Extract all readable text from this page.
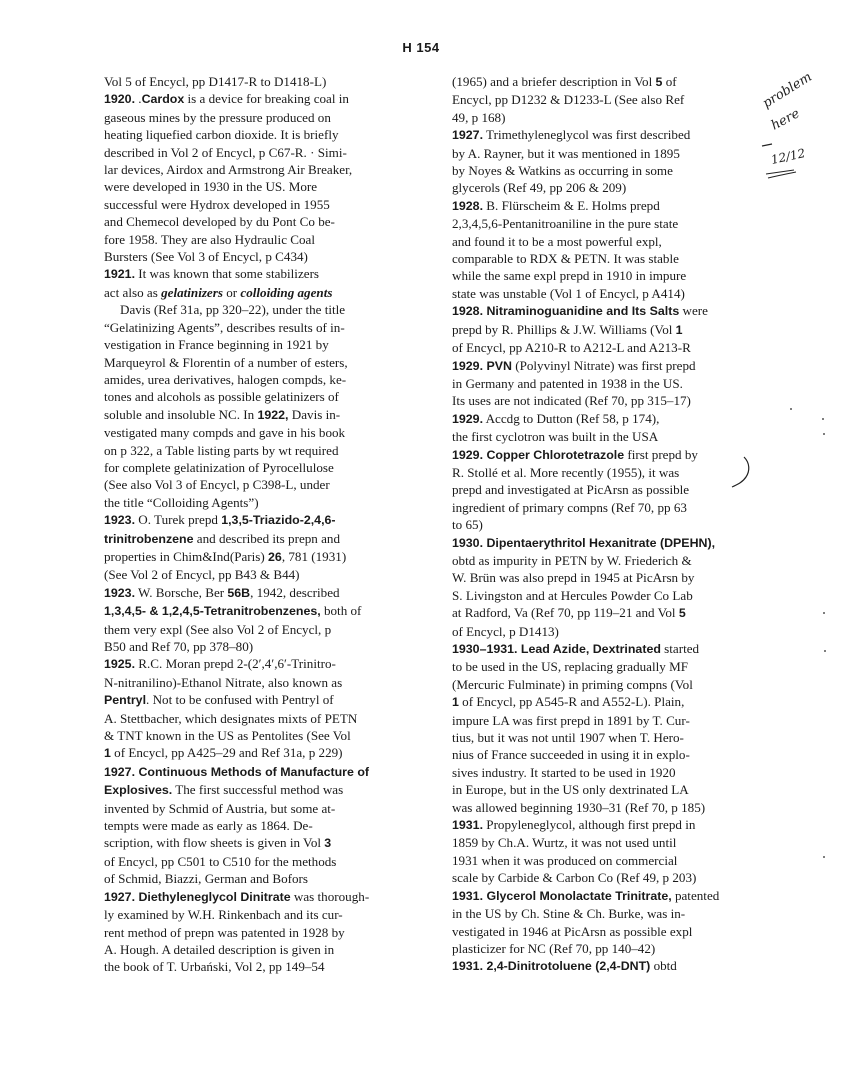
H 154
Vol 5 of Encycl, pp D1417-R to D1418-L)
1920. .Cardox is a device for breaking coal in
gaseous mines by the pressure produced on
heating liquefied carbon dioxide. It is briefly
described in Vol 2 of Encycl, p C67-R. · Simi-
lar devices, Airdox and Armstrong Air Breaker,
were developed in 1930 in the US. More
successful were Hydrox developed in 1955
and Chemecol developed by du Pont Co be-
fore 1958. They are also Hydraulic Coal
Bursters (See Vol 3 of Encycl, p C434)
1921. It was known that some stabilizers
act also as gelatinizers or colloiding agents
Davis (Ref 31a, pp 320–22), under the title
“Gelatinizing Agents”, describes results of in-
vestigation in France beginning in 1921 by
Marqueyrol & Florentin of a number of esters,
amides, urea derivatives, halogen compds, ke-
tones and alcohols as possible gelatinizers of
soluble and insoluble NC. In 1922, Davis in-
vestigated many compds and gave in his book
on p 322, a Table listing parts by wt required
for complete gelatinization of Pyrocellulose
(See also Vol 3 of Encycl, p C398-L, under
the title “Colloiding Agents”)
1923. O. Turek prepd 1,3,5-Triazido-2,4,6-
trinitrobenzene and described its prepn and
properties in Chim&Ind(Paris) 26, 781 (1931)
(See Vol 2 of Encycl, pp B43 & B44)
1923. W. Borsche, Ber 56B, 1942, described
1,3,4,5- & 1,2,4,5-Tetranitrobenzenes, both of
them very expl (See also Vol 2 of Encycl, p
B50 and Ref 70, pp 378–80)
1925. R.C. Moran prepd 2-(2′,4′,6′-Trinitro-
N-nitranilino)-Ethanol Nitrate, also known as
Pentryl. Not to be confused with Pentryl of
A. Stettbacher, which designates mixts of PETN
& TNT known in the US as Pentolites (See Vol
1 of Encycl, pp A425–29 and Ref 31a, p 229)
1927. Continuous Methods of Manufacture of
Explosives. The first successful method was
invented by Schmid of Austria, but some at-
tempts were made as early as 1864. De-
scription, with flow sheets is given in Vol 3
of Encycl, pp C501 to C510 for the methods
of Schmid, Biazzi, German and Bofors
1927. Diethyleneglycol Dinitrate was thorough-
ly examined by W.H. Rinkenbach and its cur-
rent method of prepn was patented in 1928 by
A. Hough. A detailed description is given in
the book of T. Urbański, Vol 2, pp 149–54
(1965) and a briefer description in Vol 5 of
Encycl, pp D1232 & D1233-L (See also Ref
49, p 168)
1927. Trimethyleneglycol was first described
by A. Rayner, but it was mentioned in 1895
by Noyes & Watkins as occurring in some
glycerols (Ref 49, pp 206 & 209)
1928. B. Flürscheim & E. Holms prepd
2,3,4,5,6-Pentanitroaniline in the pure state
and found it to be a most powerful expl,
comparable to RDX & PETN. It was stable
while the same expl prepd in 1910 in impure
state was unstable (Vol 1 of Encycl, p A414)
1928. Nitraminoguanidine and Its Salts were
prepd by R. Phillips & J.W. Williams (Vol 1
of Encycl, pp A210-R to A212-L and A213-R
1929. PVN (Polyvinyl Nitrate) was first prepd
in Germany and patented in 1938 in the US.
Its uses are not indicated (Ref 70, pp 315–17)
1929. Accdg to Dutton (Ref 58, p 174),
the first cyclotron was built in the USA
1929. Copper Chlorotetrazole first prepd by
R. Stollé et al. More recently (1955), it was
prepd and investigated at PicArsn as possible
ingredient of primary compns (Ref 70, pp 63
to 65)
1930. Dipentaerythritol Hexanitrate (DPEHN),
obtd as impurity in PETN by W. Friederich &
W. Brün was also prepd in 1945 at PicArsn by
S. Livingston and at Hercules Powder Co Lab
at Radford, Va (Ref 70, pp 119–21 and Vol 5
of Encycl, p D1413)
1930–1931. Lead Azide, Dextrinated started
to be used in the US, replacing gradually MF
(Mercuric Fulminate) in priming compns (Vol
1 of Encycl, pp A545-R and A552-L). Plain,
impure LA was first prepd in 1891 by T. Cur-
tius, but it was not until 1907 when T. Hero-
nius of France succeeded in using it in explo-
sives industry. It started to be used in 1920
in Europe, but in the US only dextrinated LA
was allowed beginning 1930–31 (Ref 70, p 185)
1931. Propyleneglycol, although first prepd in
1859 by Ch.A. Wurtz, it was not used until
1931 when it was produced on commercial
scale by Carbide & Carbon Co (Ref 49, p 203)
1931. Glycerol Monolactate Trinitrate, patented
in the US by Ch. Stine & Ch. Burke, was in-
vestigated in 1946 at PicArsn as possible expl
plasticizer for NC (Ref 70, pp 140–42)
1931. 2,4-Dinitrotoluene (2,4-DNT) obtd
problem
here
12/12
